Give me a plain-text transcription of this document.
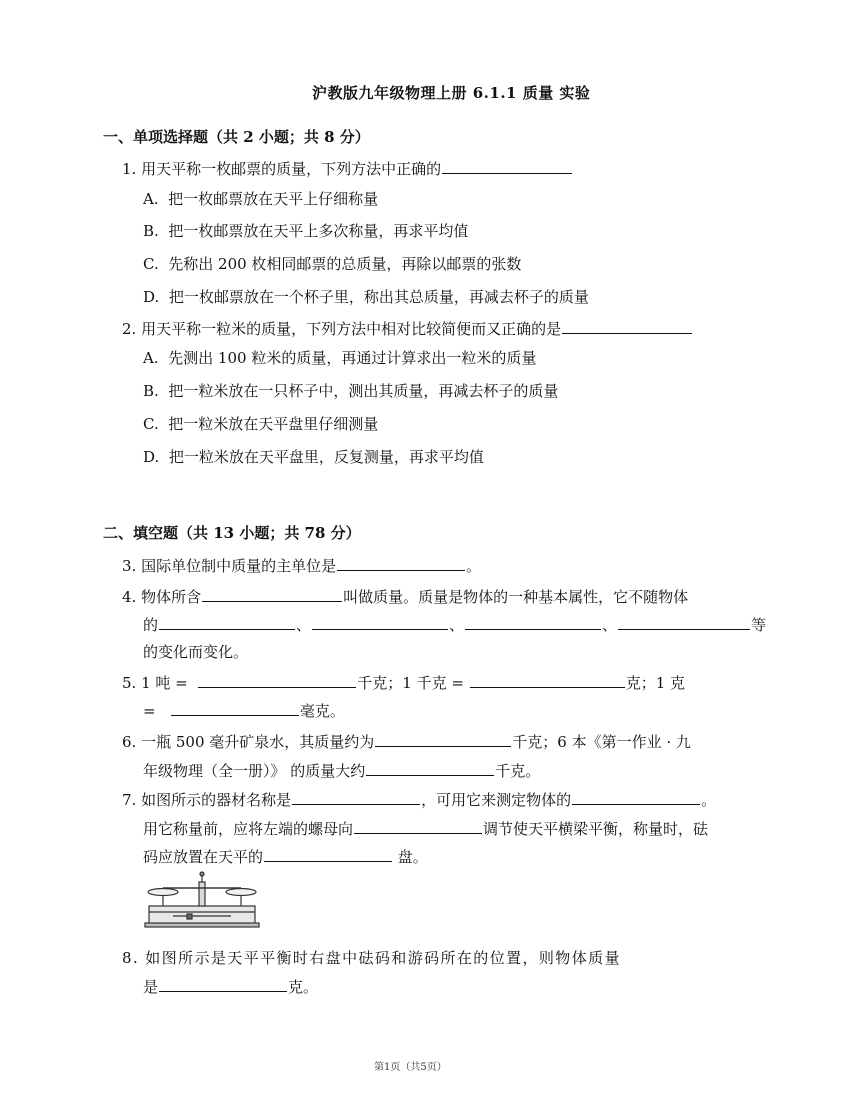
沪教版九年级物理上册 6.1.1 质量 实验
一、单项选择题（共 2 小题；共 8 分）
1. 用天平称一枚邮票的质量，下列方法中正确的
A. 把一枚邮票放在天平上仔细称量
B. 把一枚邮票放在天平上多次称量，再求平均值
C. 先称出 200 枚相同邮票的总质量，再除以邮票的张数
D. 把一枚邮票放在一个杯子里，称出其总质量，再减去杯子的质量
2. 用天平称一粒米的质量，下列方法中相对比较简便而又正确的是
A. 先测出 100 粒米的质量，再通过计算求出一粒米的质量
B. 把一粒米放在一只杯子中，测出其质量，再减去杯子的质量
C. 把一粒米放在天平盘里仔细测量
D. 把一粒米放在天平盘里，反复测量，再求平均值
二、填空题（共 13 小题；共 78 分）
3. 国际单位制中质量的主单位是	。
4. 物体所含	叫做质量。质量是物体的一种基本属性，它不随物体
的	、	、	、	等
的变化而变化。
5. 1 吨 =	千克；1 千克 =	克；1 克
=	毫克。
6. 一瓶 500 毫升矿泉水，其质量约为	千克；6 本《第一作业 · 九
年级物理（全一册）》 的质量大约	千克。
7. 如图所示的器材名称是	，可用它来测定物体的	。
用它称量前，应将左端的螺母向	调节使天平横梁平衡，称量时，砝
码应放置在天平的	盘。
8. 如图所示是天平平衡时右盘中砝码和游码所在的位置，则物体质量
是	克。
第1页（共5页）
